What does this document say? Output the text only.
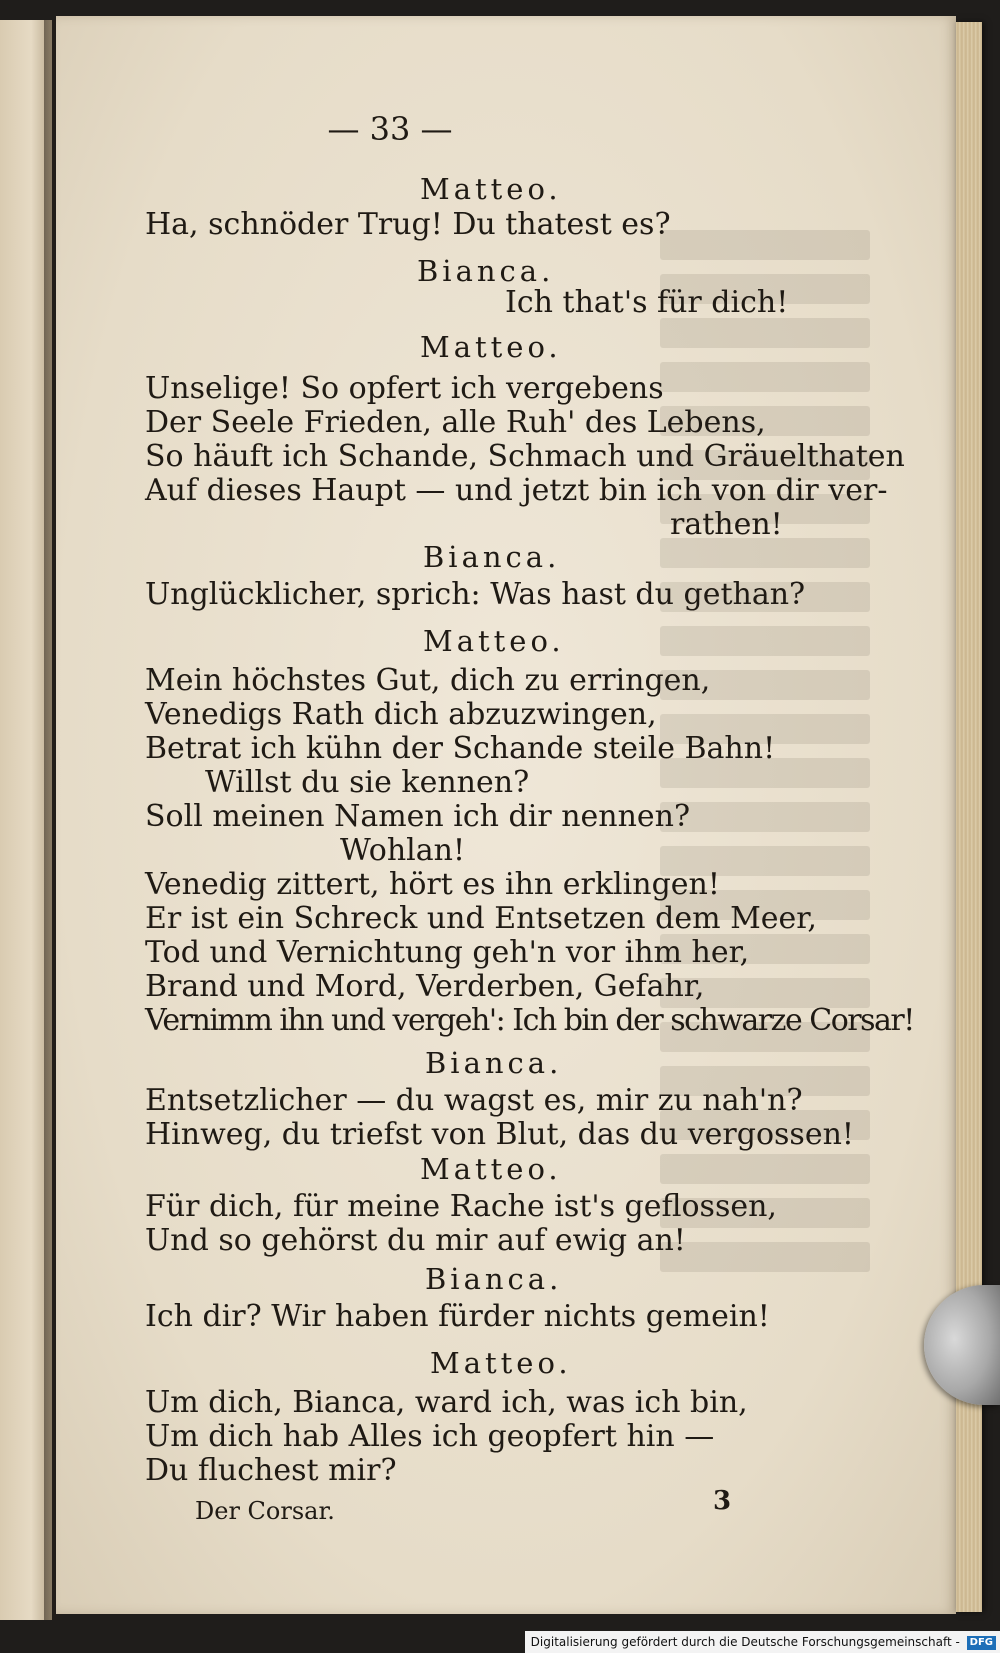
— 33 —
Matteo.
Ha, schnöder Trug! Du thatest es?
Bianca.
Ich that's für dich!
Matteo.
Unselige! So opfert ich vergebens
Der Seele Frieden, alle Ruh' des Lebens,
So häuft ich Schande, Schmach und Gräuelthaten
Auf dieses Haupt — und jetzt bin ich von dir ver-
rathen!
Bianca.
Unglücklicher, sprich: Was hast du gethan?
Matteo.
Mein höchstes Gut, dich zu erringen,
Venedigs Rath dich abzuzwingen,
Betrat ich kühn der Schande steile Bahn!
Willst du sie kennen?
Soll meinen Namen ich dir nennen?
Wohlan!
Venedig zittert, hört es ihn erklingen!
Er ist ein Schreck und Entsetzen dem Meer,
Tod und Vernichtung geh'n vor ihm her,
Brand und Mord, Verderben, Gefahr,
Vernimm ihn und vergeh': Ich bin der schwarze Corsar!
Bianca.
Entsetzlicher — du wagst es, mir zu nah'n?
Hinweg, du triefst von Blut, das du vergossen!
Matteo.
Für dich, für meine Rache ist's geflossen,
Und so gehörst du mir auf ewig an!
Bianca.
Ich dir? Wir haben fürder nichts gemein!
Matteo.
Um dich, Bianca, ward ich, was ich bin,
Um dich hab Alles ich geopfert hin —
Du fluchest mir?
Der Corsar.	3
Digitalisierung gefördert durch die Deutsche Forschungsgemeinschaft - DFG
